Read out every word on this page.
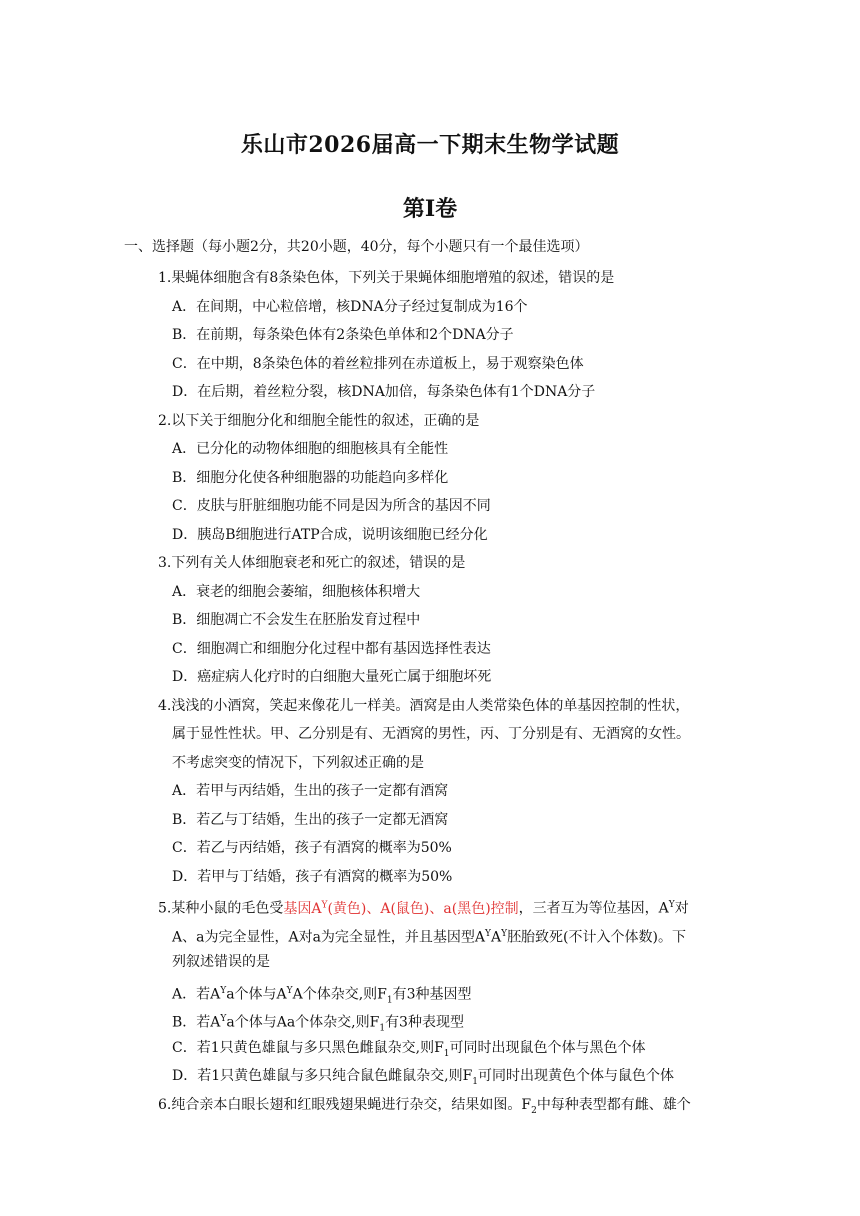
乐山市2026届高一下期末生物学试题
第I卷
一、选择题（每小题2分，共20小题，40分，每个小题只有一个最佳选项）
1.果蝇体细胞含有8条染色体，下列关于果蝇体细胞增殖的叙述，错误的是
A．在间期，中心粒倍增，核DNA分子经过复制成为16个
B．在前期，每条染色体有2条染色单体和2个DNA分子
C．在中期，8条染色体的着丝粒排列在赤道板上，易于观察染色体
D．在后期，着丝粒分裂，核DNA加倍，每条染色体有1个DNA分子
2.以下关于细胞分化和细胞全能性的叙述，正确的是
A．已分化的动物体细胞的细胞核具有全能性
B．细胞分化使各种细胞器的功能趋向多样化
C．皮肤与肝脏细胞功能不同是因为所含的基因不同
D．胰岛B细胞进行ATP合成，说明该细胞已经分化
3.下列有关人体细胞衰老和死亡的叙述，错误的是
A．衰老的细胞会萎缩，细胞核体积增大
B．细胞凋亡不会发生在胚胎发育过程中
C．细胞凋亡和细胞分化过程中都有基因选择性表达
D．癌症病人化疗时的白细胞大量死亡属于细胞坏死
4.浅浅的小酒窝，笑起来像花儿一样美。酒窝是由人类常染色体的单基因控制的性状，
属于显性性状。甲、乙分别是有、无酒窝的男性，丙、丁分别是有、无酒窝的女性。
不考虑突变的情况下，下列叙述正确的是
A．若甲与丙结婚，生出的孩子一定都有酒窝
B．若乙与丁结婚，生出的孩子一定都无酒窝
C．若乙与丙结婚，孩子有酒窝的概率为50%
D．若甲与丁结婚，孩子有酒窝的概率为50%
5.某种小鼠的毛色受基因$A^Y$(黄色)、A(鼠色)、a(黑色)控制，三者互为等位基因，$A^Y$对
A、a为完全显性，A对a为完全显性，并且基因型$A^YA^Y$胚胎致死(不计入个体数)。下
列叙述错误的是
A．若$A^Ya$个体与$A^YA$个体杂交,则$F_1$有3种基因型
B．若$A^Ya$个体与Aa个体杂交,则$F_1$有3种表现型
C．若1只黄色雄鼠与多只黑色雌鼠杂交,则$F_1$可同时出现鼠色个体与黑色个体
D．若1只黄色雄鼠与多只纯合鼠色雌鼠杂交,则$F_1$可同时出现黄色个体与鼠色个体
6.纯合亲本白眼长翅和红眼残翅果蝇进行杂交，结果如图。$F_2$中每种表型都有雌、雄个
